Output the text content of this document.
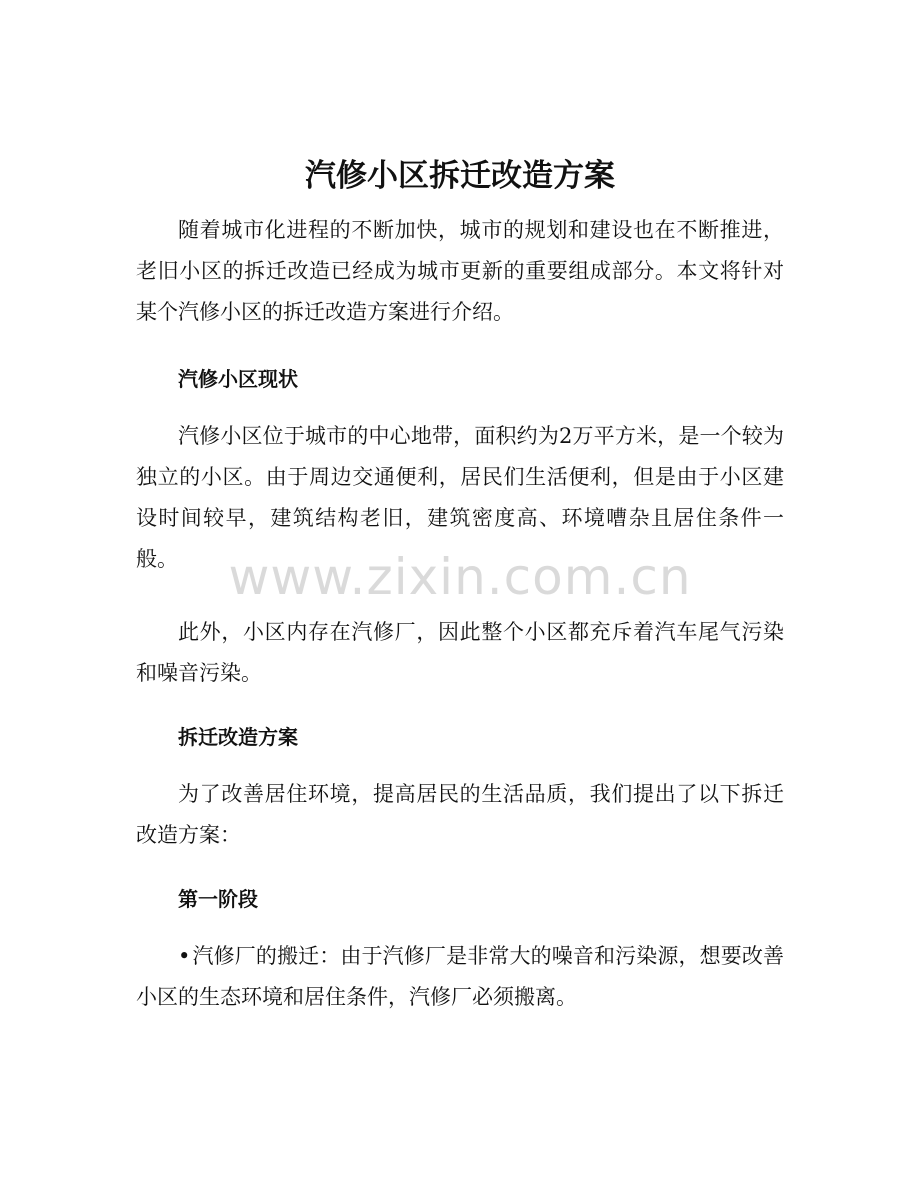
汽修小区拆迁改造方案

随着城市化进程的不断加快，城市的规划和建设也在不断推进，老旧小区的拆迁改造已经成为城市更新的重要组成部分。本文将针对某个汽修小区的拆迁改造方案进行介绍。

汽修小区现状

汽修小区位于城市的中心地带，面积约为2万平方米，是一个较为独立的小区。由于周边交通便利，居民们生活便利，但是由于小区建设时间较早，建筑结构老旧，建筑密度高、环境嘈杂且居住条件一般。

此外，小区内存在汽修厂，因此整个小区都充斥着汽车尾气污染和噪音污染。

拆迁改造方案

为了改善居住环境，提高居民的生活品质，我们提出了以下拆迁改造方案：

第一阶段

•汽修厂的搬迁：由于汽修厂是非常大的噪音和污染源，想要改善小区的生态环境和居住条件，汽修厂必须搬离。

www.zixin.com.cn
